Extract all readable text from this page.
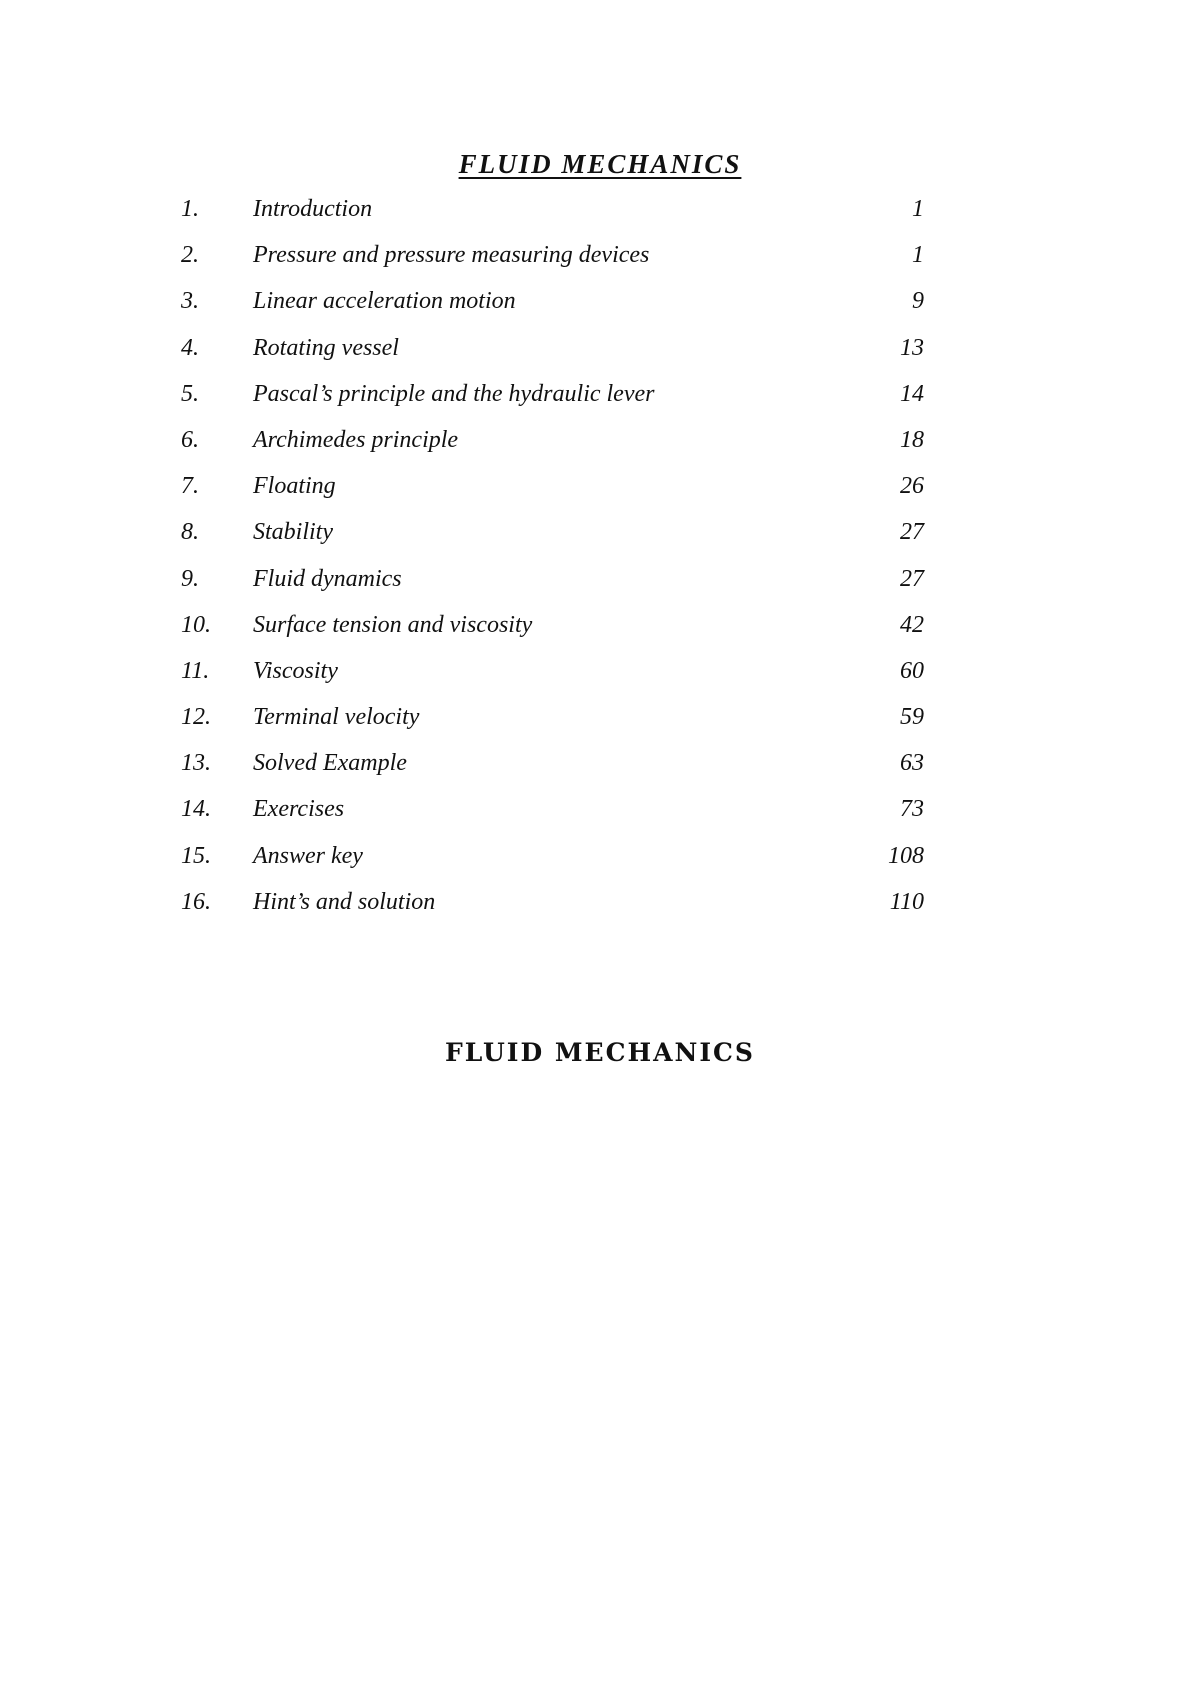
FLUID MECHANICS
1. Introduction	1
2. Pressure and pressure measuring devices	1
3. Linear acceleration motion	9
4. Rotating vessel	13
5. Pascal’s principle and the hydraulic lever	14
6. Archimedes principle	18
7. Floating	26
8. Stability	27
9. Fluid dynamics	27
10. Surface tension and viscosity	42
11. Viscosity	60
12. Terminal velocity	59
13. Solved Example	63
14. Exercises	73
15. Answer key	108
16. Hint’s and solution	110
FLUID MECHANICS
